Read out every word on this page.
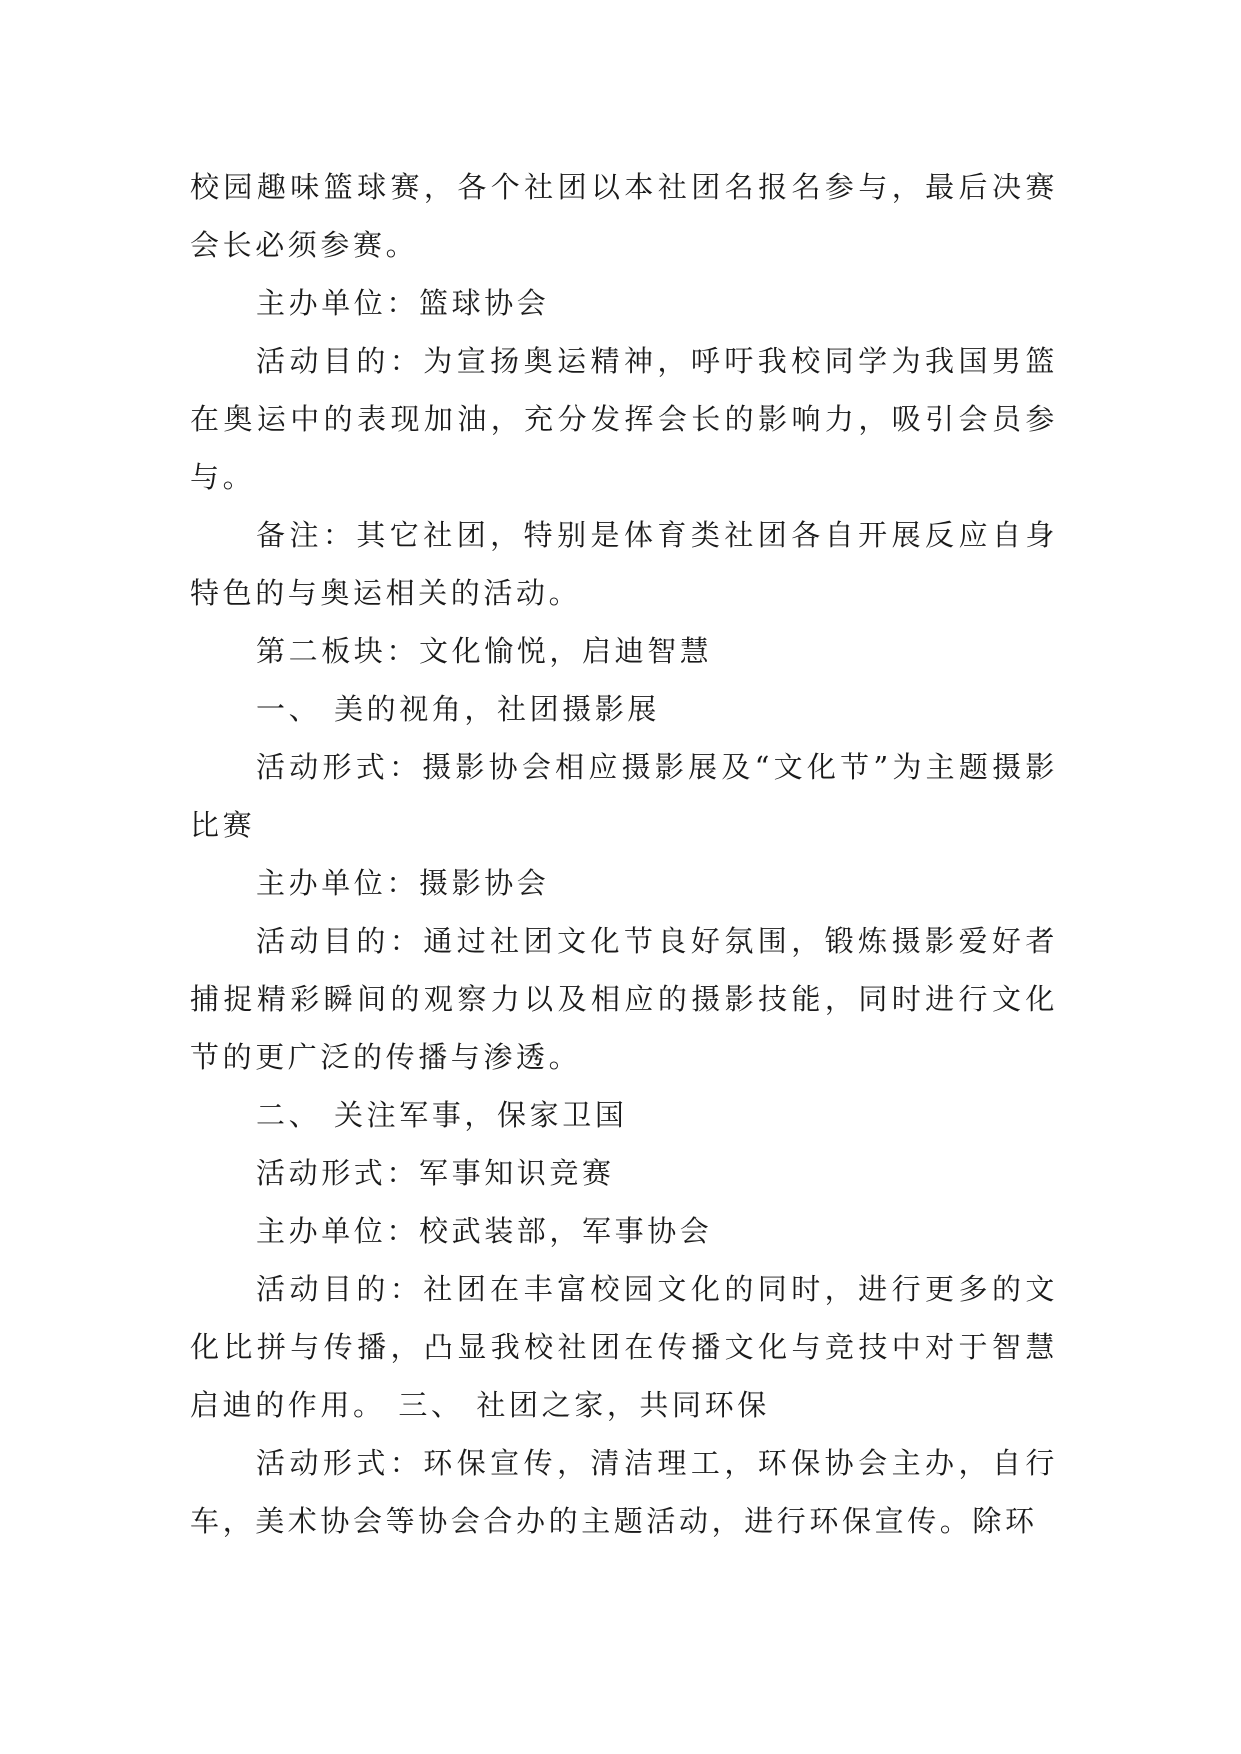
校园趣味篮球赛，各个社团以本社团名报名参与，最后决赛会长必须参赛。

主办单位：篮球协会

活动目的：为宣扬奥运精神，呼吁我校同学为我国男篮在奥运中的表现加油，充分发挥会长的影响力，吸引会员参与。

备注：其它社团，特别是体育类社团各自开展反应自身特色的与奥运相关的活动。

第二板块：文化愉悦，启迪智慧

一、 美的视角，社团摄影展

活动形式：摄影协会相应摄影展及“文化节”为主题摄影比赛

主办单位：摄影协会

活动目的：通过社团文化节良好氛围，锻炼摄影爱好者捕捉精彩瞬间的观察力以及相应的摄影技能，同时进行文化节的更广泛的传播与渗透。

二、 关注军事，保家卫国

活动形式：军事知识竞赛

主办单位：校武装部，军事协会

活动目的：社团在丰富校园文化的同时，进行更多的文化比拼与传播，凸显我校社团在传播文化与竞技中对于智慧启迪的作用。 三、 社团之家，共同环保

活动形式：环保宣传，清洁理工，环保协会主办，自行车，美术协会等协会合办的主题活动，进行环保宣传。除环
